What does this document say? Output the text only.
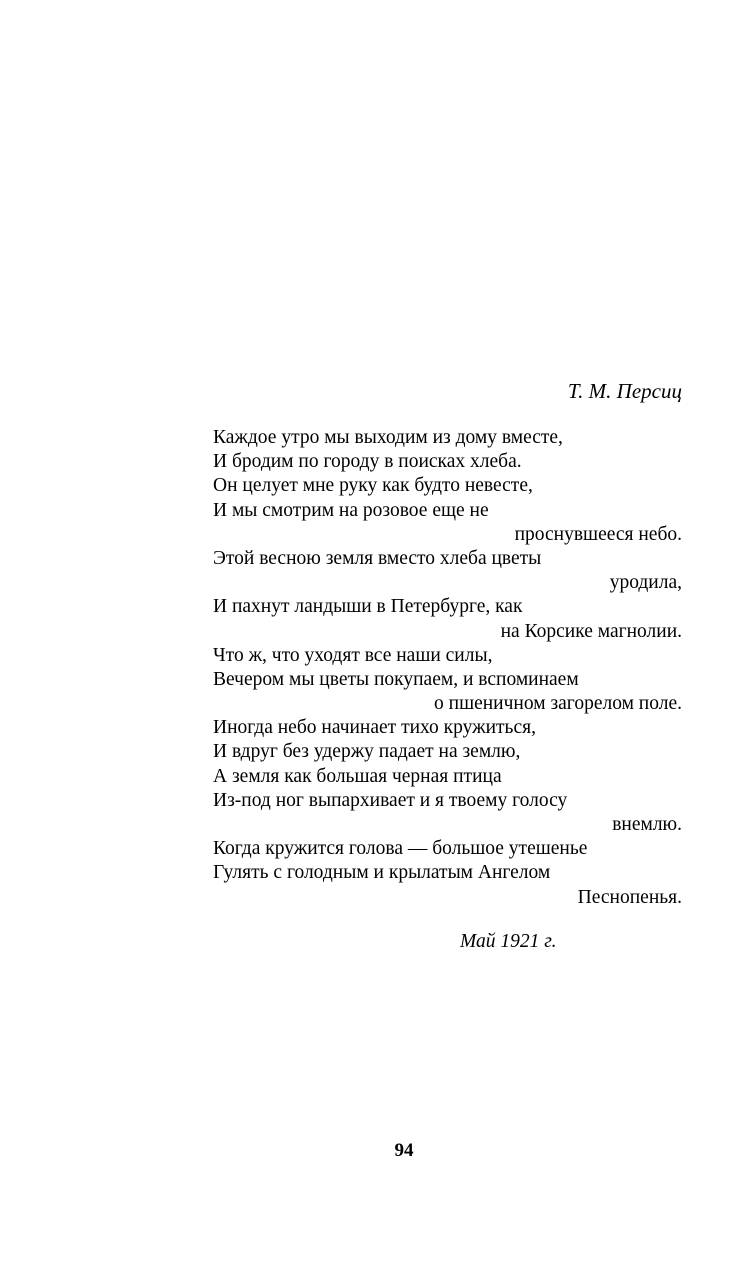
Т. М. Персиц
Каждое утро мы выходим из дому вместе,
И бродим по городу в поисках хлеба.
Он целует мне руку как будто невесте,
И мы смотрим на розовое еще не
проснувшееся небо.
Этой весною земля вместо хлеба цветы
уродила,
И пахнут ландыши в Петербурге, как
на Корсике магнолии.
Что ж, что уходят все наши силы,
Вечером мы цветы покупаем, и вспоминаем
о пшеничном загорелом поле.
Иногда небо начинает тихо кружиться,
И вдруг без удержу падает на землю,
А земля как большая черная птица
Из-под ног выпархивает и я твоему голосу
внемлю.
Когда кружится голова — большое утешенье
Гулять с голодным и крылатым Ангелом
Песнопенья.
Май 1921 г.
94
